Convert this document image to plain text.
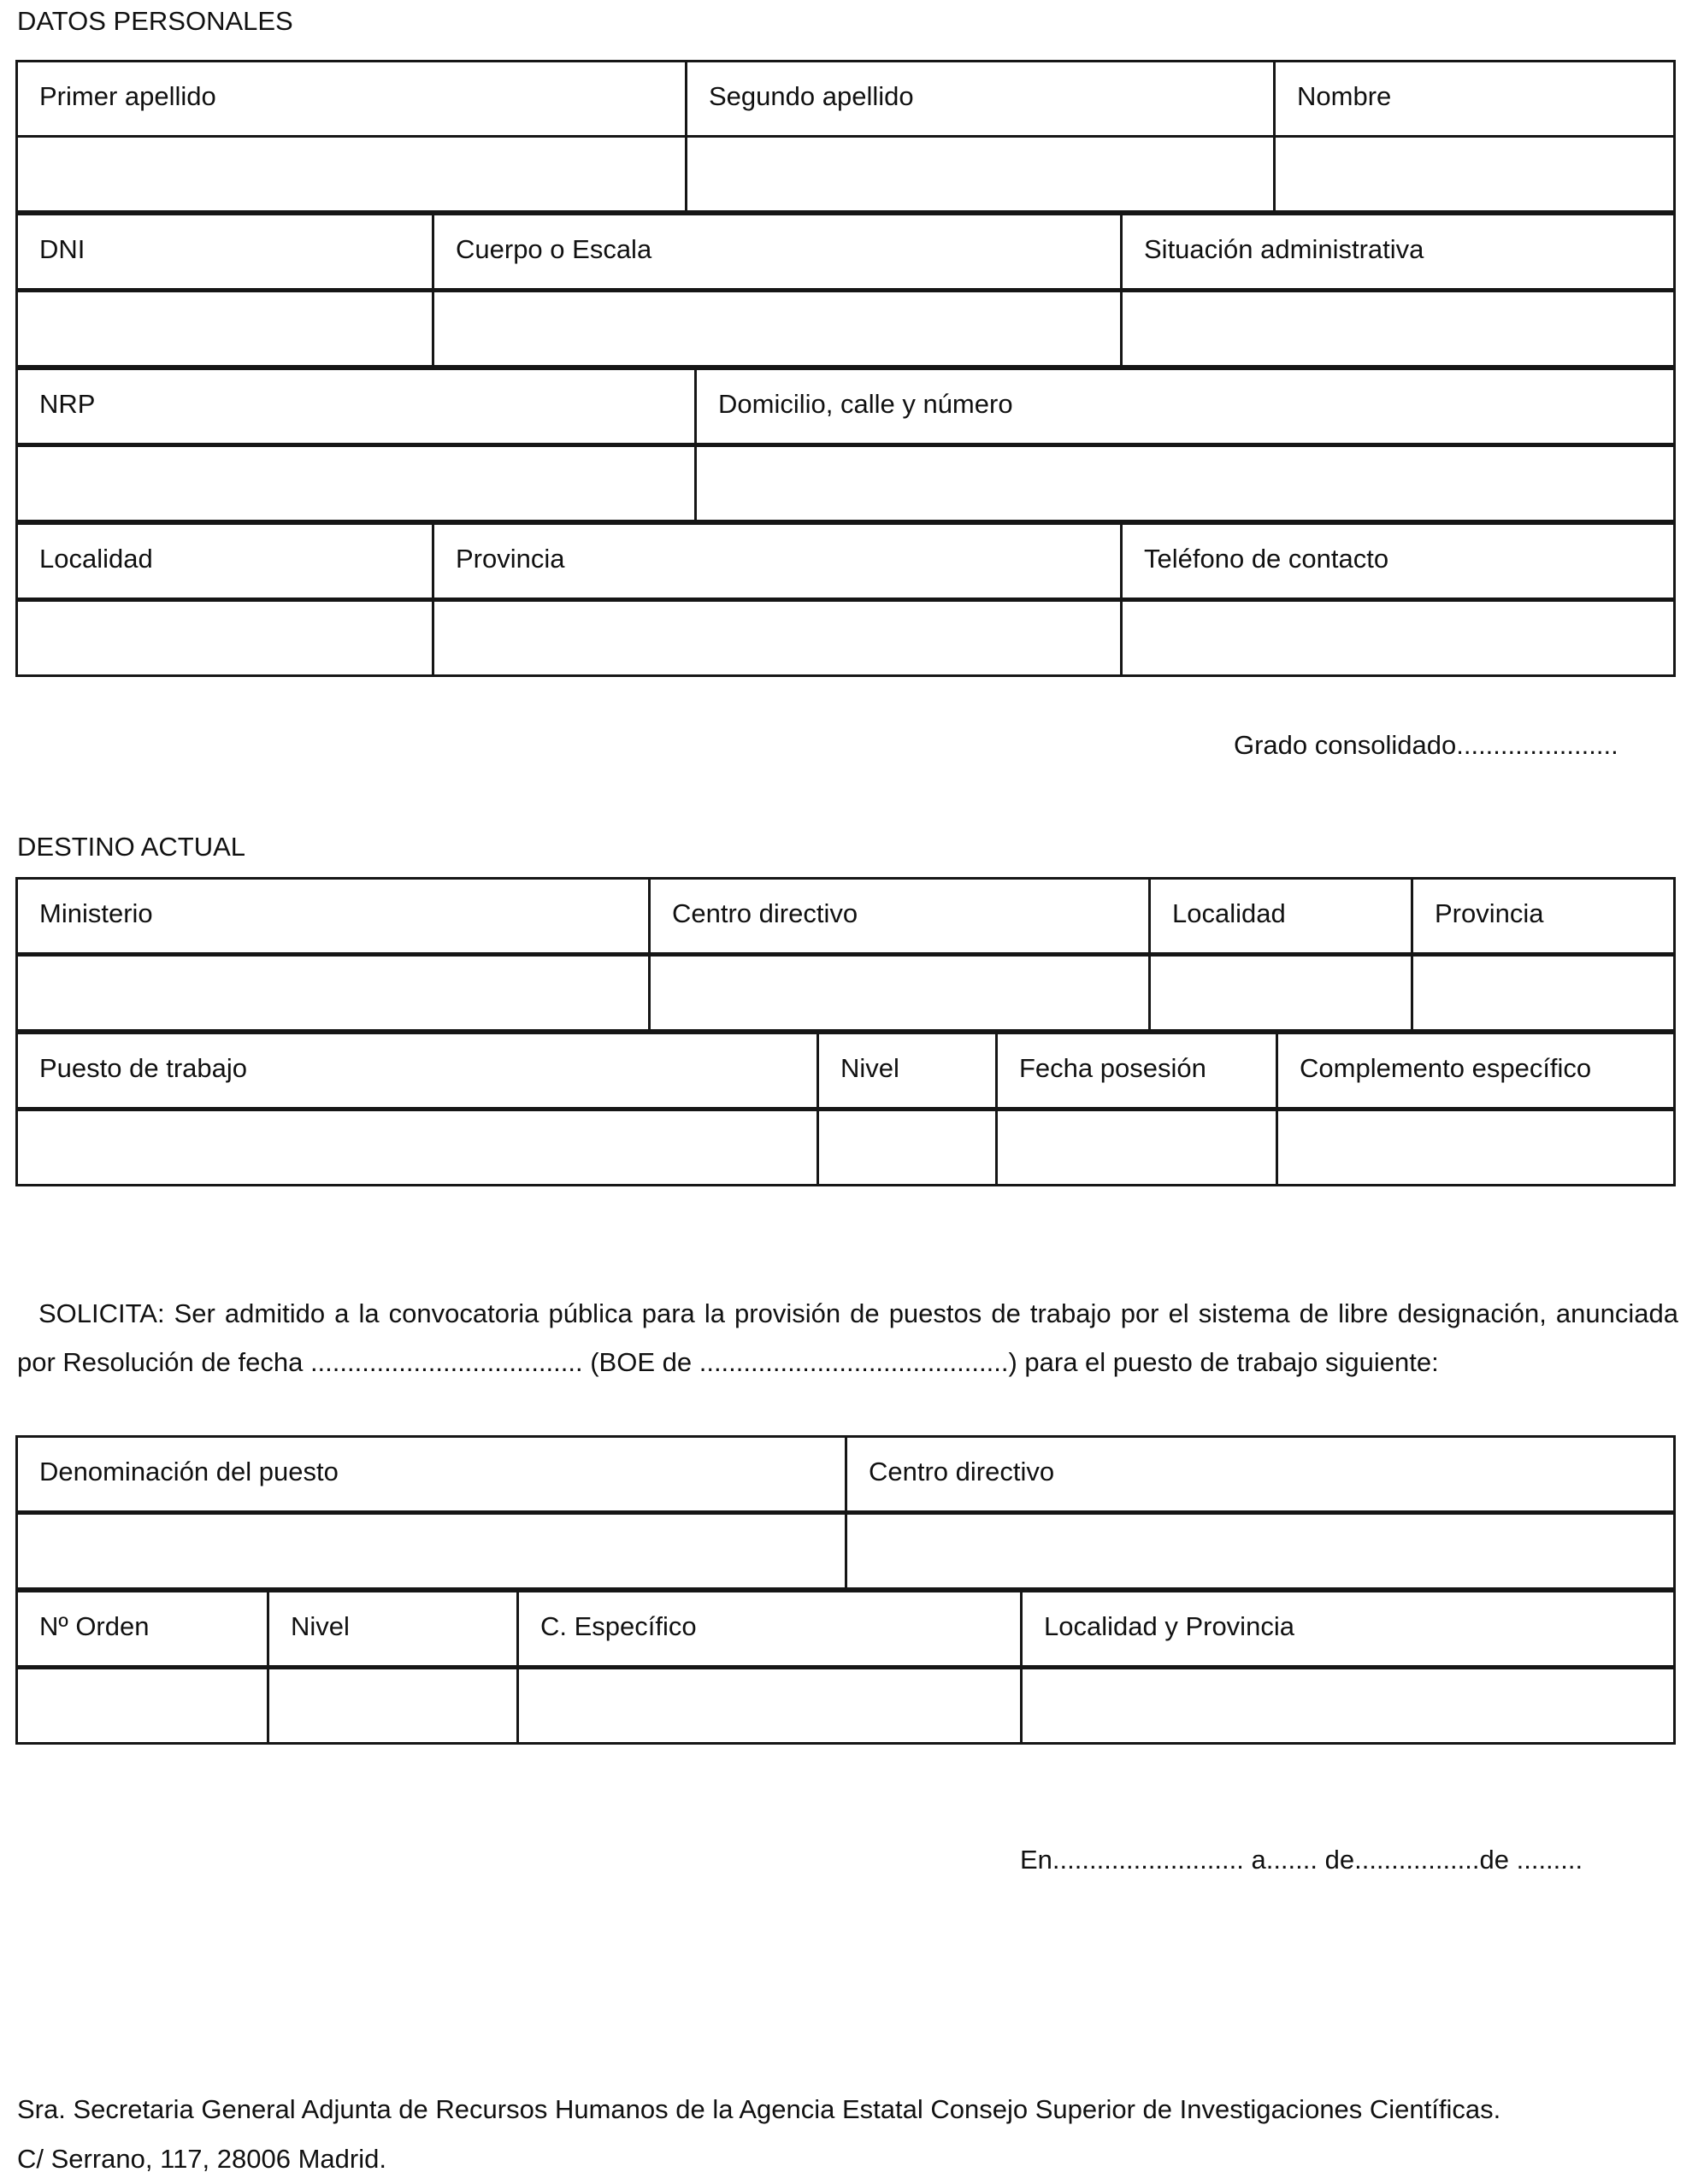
DATOS PERSONALES
Primer apellido	Segundo apellido	Nombre
DNI	Cuerpo o Escala	Situación administrativa
NRP	Domicilio, calle y número
Localidad	Provincia	Teléfono de contacto
Grado consolidado......................
DESTINO ACTUAL
Ministerio	Centro directivo	Localidad	Provincia
Puesto de trabajo	Nivel	Fecha posesión	Complemento específico
SOLICITA: Ser admitido a la convocatoria pública para la provisión de puestos de trabajo por el sistema de libre designación, anunciada por Resolución de fecha ..................................... (BOE de ..........................................) para el puesto de trabajo siguiente:
Denominación del puesto	Centro directivo
Nº Orden	Nivel	C. Específico	Localidad y Provincia
En.......................... a....... de.................de .........
Sra. Secretaria General Adjunta de Recursos Humanos de la Agencia Estatal Consejo Superior de Investigaciones Científicas.
C/ Serrano, 117, 28006 Madrid.
